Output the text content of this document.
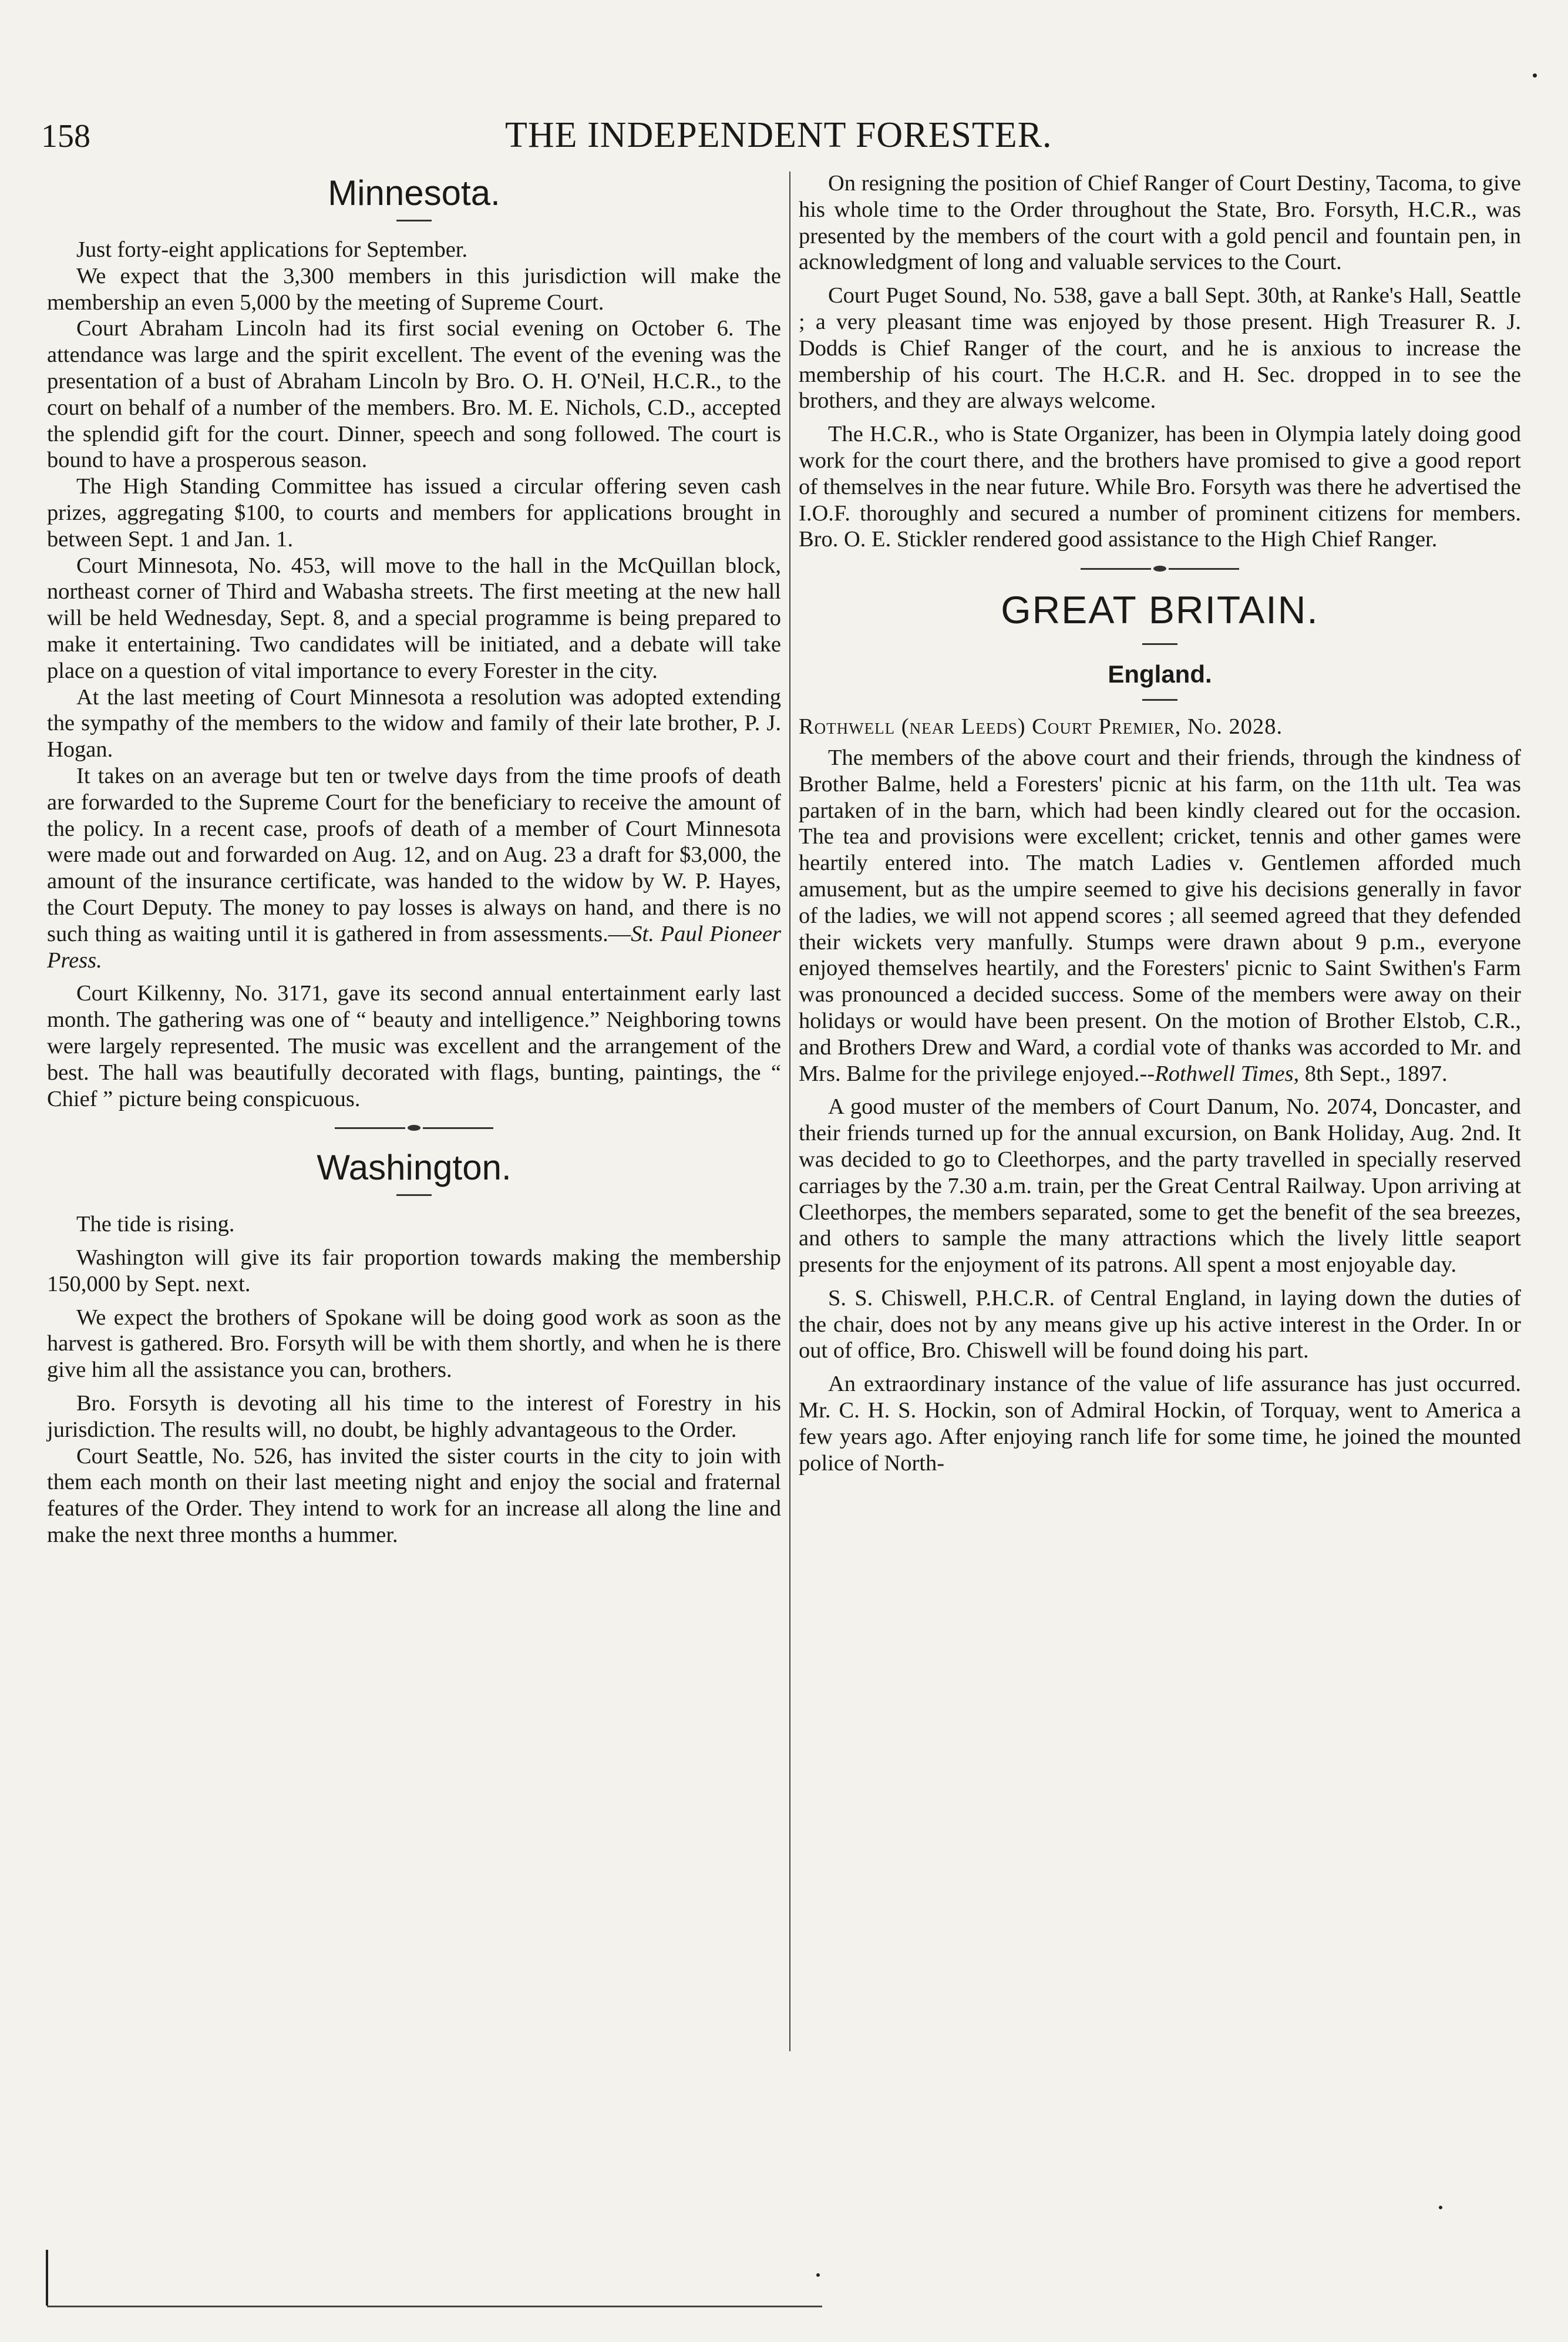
158	THE INDEPENDENT FORESTER.
Minnesota.

Just forty-eight applications for September.

We expect that the 3,300 members in this jurisdiction will make the membership an even 5,000 by the meeting of Supreme Court.

Court Abraham Lincoln had its first social evening on October 6. The attendance was large and the spirit excellent. The event of the evening was the presentation of a bust of Abraham Lincoln by Bro. O. H. O'Neil, H.C.R., to the court on behalf of a number of the members. Bro. M. E. Nichols, C.D., accepted the splendid gift for the court. Dinner, speech and song followed. The court is bound to have a prosperous season.

The High Standing Committee has issued a circular offering seven cash prizes, aggregating $100, to courts and members for applications brought in between Sept. 1 and Jan. 1.

Court Minnesota, No. 453, will move to the hall in the McQuillan block, northeast corner of Third and Wabasha streets. The first meeting at the new hall will be held Wednesday, Sept. 8, and a special programme is being prepared to make it entertaining. Two candidates will be initiated, and a debate will take place on a question of vital importance to every Forester in the city.

At the last meeting of Court Minnesota a resolution was adopted extending the sympathy of the members to the widow and family of their late brother, P. J. Hogan.

It takes on an average but ten or twelve days from the time proofs of death are forwarded to the Supreme Court for the beneficiary to receive the amount of the policy. In a recent case, proofs of death of a member of Court Minnesota were made out and forwarded on Aug. 12, and on Aug. 23 a draft for $3,000, the amount of the insurance certificate, was handed to the widow by W. P. Hayes, the Court Deputy. The money to pay losses is always on hand, and there is no such thing as waiting until it is gathered in from assessments.—St. Paul Pioneer Press.

Court Kilkenny, No. 3171, gave its second annual entertainment early last month. The gathering was one of “ beauty and intelligence.” Neighboring towns were largely represented. The music was excellent and the arrangement of the best. The hall was beautifully decorated with flags, bunting, paintings, the “ Chief ” picture being conspicuous.

Washington.

The tide is rising.

Washington will give its fair proportion towards making the membership 150,000 by Sept. next.

We expect the brothers of Spokane will be doing good work as soon as the harvest is gathered. Bro. Forsyth will be with them shortly, and when he is there give him all the assistance you can, brothers.

Bro. Forsyth is devoting all his time to the interest of Forestry in his jurisdiction. The results will, no doubt, be highly advantageous to the Order.

Court Seattle, No. 526, has invited the sister courts in the city to join with them each month on their last meeting night and enjoy the social and fraternal features of the Order. They intend to work for an increase all along the line and make the next three months a hummer.

On resigning the position of Chief Ranger of Court Destiny, Tacoma, to give his whole time to the Order throughout the State, Bro. Forsyth, H.C.R., was presented by the members of the court with a gold pencil and fountain pen, in acknowledgment of long and valuable services to the Court.

Court Puget Sound, No. 538, gave a ball Sept. 30th, at Ranke's Hall, Seattle ; a very pleasant time was enjoyed by those present. High Treasurer R. J. Dodds is Chief Ranger of the court, and he is anxious to increase the membership of his court. The H.C.R. and H. Sec. dropped in to see the brothers, and they are always welcome.

The H.C.R., who is State Organizer, has been in Olympia lately doing good work for the court there, and the brothers have promised to give a good report of themselves in the near future. While Bro. Forsyth was there he advertised the I.O.F. thoroughly and secured a number of prominent citizens for members. Bro. O. E. Stickler rendered good assistance to the High Chief Ranger.

GREAT BRITAIN.
England.

Rothwell (near Leeds) Court Premier, No. 2028.

The members of the above court and their friends, through the kindness of Brother Balme, held a Foresters' picnic at his farm, on the 11th ult. Tea was partaken of in the barn, which had been kindly cleared out for the occasion. The tea and provisions were excellent; cricket, tennis and other games were heartily entered into. The match Ladies v. Gentlemen afforded much amusement, but as the umpire seemed to give his decisions generally in favor of the ladies, we will not append scores ; all seemed agreed that they defended their wickets very manfully. Stumps were drawn about 9 p.m., everyone enjoyed themselves heartily, and the Foresters' picnic to Saint Swithen's Farm was pronounced a decided success. Some of the members were away on their holidays or would have been present. On the motion of Brother Elstob, C.R., and Brothers Drew and Ward, a cordial vote of thanks was accorded to Mr. and Mrs. Balme for the privilege enjoyed.--Rothwell Times, 8th Sept., 1897.

A good muster of the members of Court Danum, No. 2074, Doncaster, and their friends turned up for the annual excursion, on Bank Holiday, Aug. 2nd. It was decided to go to Cleethorpes, and the party travelled in specially reserved carriages by the 7.30 a.m. train, per the Great Central Railway. Upon arriving at Cleethorpes, the members separated, some to get the benefit of the sea breezes, and others to sample the many attractions which the lively little seaport presents for the enjoyment of its patrons. All spent a most enjoyable day.

S. S. Chiswell, P.H.C.R. of Central England, in laying down the duties of the chair, does not by any means give up his active interest in the Order. In or out of office, Bro. Chiswell will be found doing his part.

An extraordinary instance of the value of life assurance has just occurred. Mr. C. H. S. Hockin, son of Admiral Hockin, of Torquay, went to America a few years ago. After enjoying ranch life for some time, he joined the mounted police of North-
